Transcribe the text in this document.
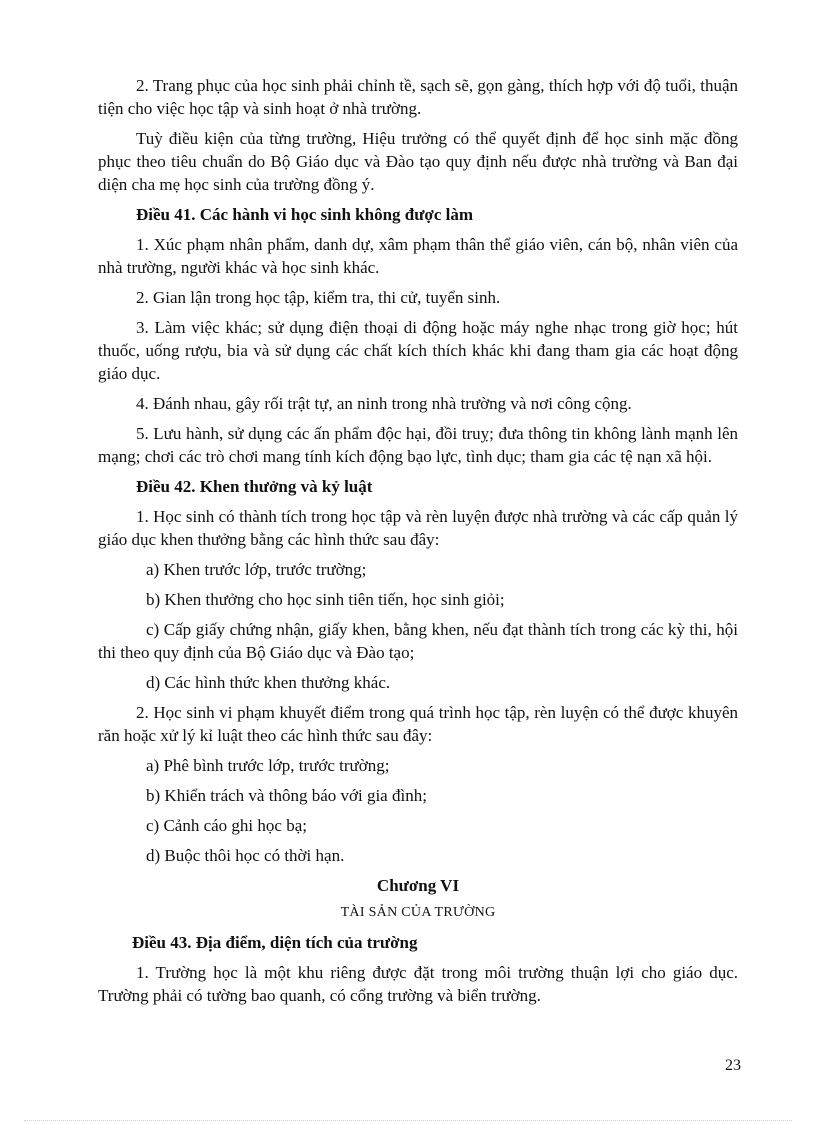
2. Trang phục của học sinh phải chỉnh tề, sạch sẽ, gọn gàng, thích hợp với độ tuổi, thuận tiện cho việc học tập và sinh hoạt ở nhà trường.

Tuỳ điều kiện của từng trường, Hiệu trưởng có thể quyết định để học sinh mặc đồng phục theo tiêu chuẩn do Bộ Giáo dục và Đào tạo quy định nếu được nhà trường và Ban đại diện cha mẹ học sinh của trường đồng ý.

Điều 41. Các hành vi học sinh không được làm

1. Xúc phạm nhân phẩm, danh dự, xâm phạm thân thể giáo viên, cán bộ, nhân viên của nhà trường, người khác và học sinh khác.

2. Gian lận trong học tập, kiểm tra, thi cử, tuyển sinh.

3. Làm việc khác; sử dụng điện thoại di động hoặc máy nghe nhạc trong giờ học; hút thuốc, uống rượu, bia và sử dụng các chất kích thích khác khi đang tham gia các hoạt động giáo dục.

4. Đánh nhau, gây rối trật tự, an ninh trong nhà trường và nơi công cộng.

5. Lưu hành, sử dụng các ấn phẩm độc hại, đồi truỵ; đưa thông tin không lành mạnh lên mạng; chơi các trò chơi mang tính kích động bạo lực, tình dục; tham gia các tệ nạn xã hội.

Điều 42. Khen thưởng và kỷ luật

1. Học sinh có thành tích trong học tập và rèn luyện được nhà trường và các cấp quản lý giáo dục khen thưởng bằng các hình thức sau đây:

a) Khen trước lớp, trước trường;

b) Khen thưởng cho học sinh tiên tiến, học sinh giỏi;

c) Cấp giấy chứng nhận, giấy khen, bằng khen, nếu đạt thành tích trong các kỳ thi, hội thi theo quy định của Bộ Giáo dục và Đào tạo;

d) Các hình thức khen thưởng khác.

2. Học sinh vi phạm khuyết điểm trong quá trình học tập, rèn luyện có thể được khuyên răn hoặc xử lý kỉ luật theo các hình thức sau đây:

a) Phê bình trước lớp, trước trường;

b) Khiển trách và thông báo với gia đình;

c) Cảnh cáo ghi học bạ;

d) Buộc thôi học có thời hạn.

Chương VI

TÀI SẢN CỦA TRƯỜNG

Điều 43. Địa điểm, diện tích của trường

1. Trường học là một khu riêng được đặt trong môi trường thuận lợi cho giáo dục. Trường phải có tường bao quanh, có cổng trường và biển trường.

23
